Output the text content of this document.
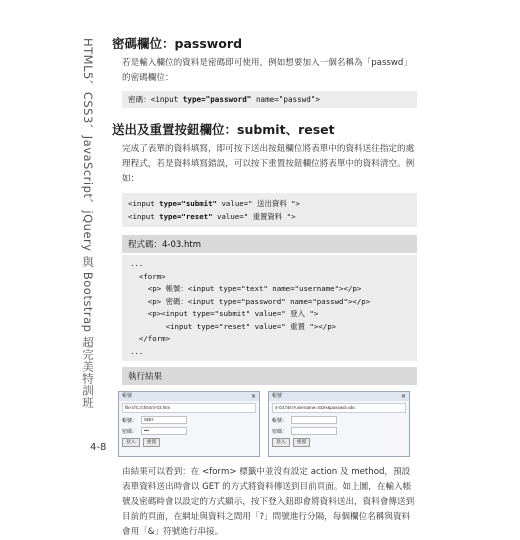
HTML5、CSS3、JavaScript、jQuery 與 Bootstrap 超完美特訓班 密碼欄位：password

若是輸入欄位的資料是密碼即可使用，例如想要加入一個名稱為「passwd」的密碼欄位：

密碼：<input type="password" name="passwd">
送出及重置按鈕欄位：submit、reset

完成了表單的資料填寫，即可按下送出按鈕欄位將表單中的資料送往指定的處理程式，若是資料填寫錯誤，可以按下重置按鈕欄位將表單中的資料清空。例如：

<input type="submit" value=" 送出資料 ">
<input type="reset" value=" 重置資料 ">
程式碼：4-03.htm
...
<form>
<p> 帳號：<input type="text" name="username"></p>
<p> 密碼：<input type="password" name="passwd"></p>
<p><input type="submit" value=" 登入 ">
<input type="reset" value=" 重置 "></p>
</form>
...
執行結果
帳號	✕
file:///C:/ch04/4-03.htm
帳號：	SDH
密碼：	•••
登入	重置
帳號	✕
4-03.htm?username=SDH&passwd=abc
帳號：
密碼：
登入	重置

由結果可以看到：在 <form> 標籤中並沒有設定 action 及 method，預設表單資料送出時會以 GET 的方式將資料傳送到目前頁面。如上圖，在輸入帳號及密碼時會以設定的方式顯示，按下登入鈕即會將資料送出，資料會傳送到目前的頁面，在網址與資料之間用「?」問號進行分隔，每個欄位名稱與資料會用「&」符號進行串接。

4-8
